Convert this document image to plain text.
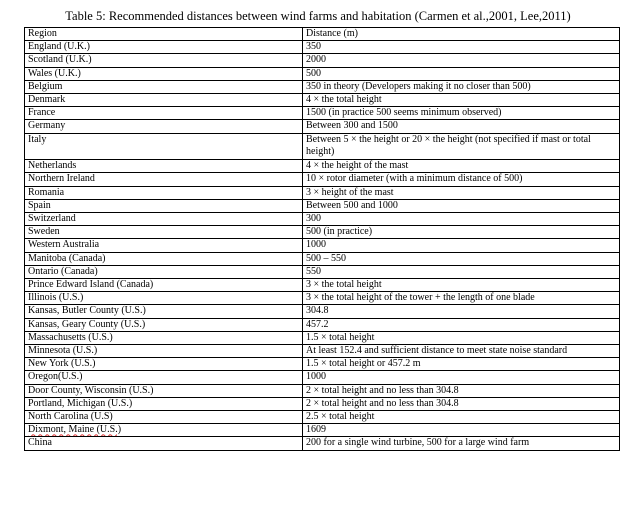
Table 5: Recommended distances between wind farms and habitation (Carmen et al.,2001, Lee,2011)
Region	Distance (m)
England (U.K.)	350
Scotland (U.K.)	2000
Wales (U.K.)	500
Belgium	350 in theory (Developers making it no closer than 500)
Denmark	4 × the total height
France	1500 (in practice 500 seems minimum observed)
Germany	Between 300 and 1500
Italy	Between 5 × the height or 20 × the height (not specified if mast or total height)
Netherlands	4 × the height of the mast
Northern Ireland	10 × rotor diameter (with a minimum distance of 500)
Romania	3 × height of the mast
Spain	Between 500 and 1000
Switzerland	300
Sweden	500 (in practice)
Western Australia	1000
Manitoba (Canada)	500 – 550
Ontario (Canada)	550
Prince Edward Island (Canada)	3 × the total height
Illinois (U.S.)	3 × the total height of the tower + the length of one blade
Kansas, Butler County (U.S.)	304.8
Kansas, Geary County (U.S.)	457.2
Massachusetts (U.S.)	1.5 × total height
Minnesota (U.S.)	At least 152.4 and sufficient distance to meet state noise standard
New York (U.S.)	1.5 × total height or 457.2 m
Oregon(U.S.)	1000
Door County, Wisconsin (U.S.)	2 × total height and no less than 304.8
Portland, Michigan (U.S.)	2 × total height and no less than 304.8
North Carolina (U.S)	2.5 × total height
Dixmont, Maine (U.S.)	1609
China	200 for a single wind turbine, 500 for a large wind farm
